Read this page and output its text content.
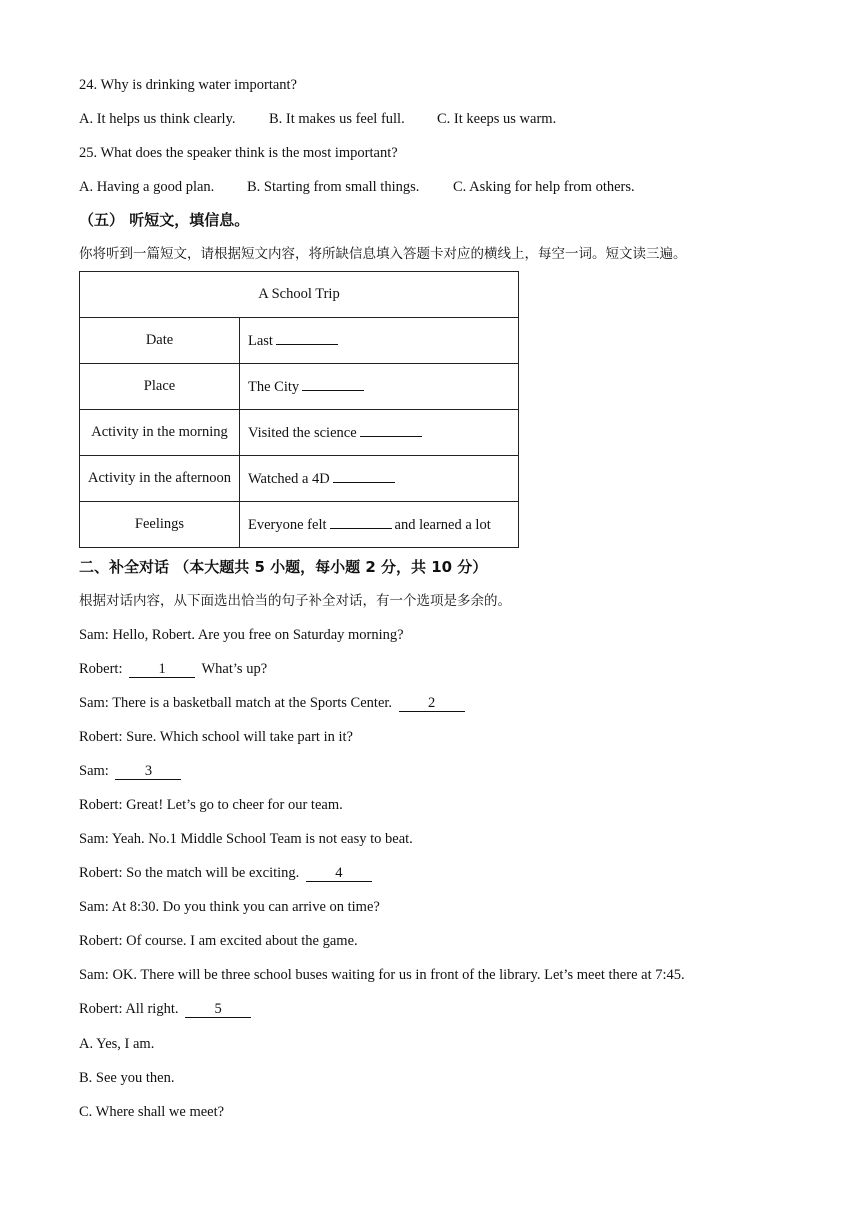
24. Why is drinking water important?
A. It helps us think clearly. B. It makes us feel full. C. It keeps us warm.
25. What does the speaker think is the most important?
A. Having a good plan. B. Starting from small things. C. Asking for help from others.
（五） 听短文，填信息。
你将听到一篇短文，请根据短文内容，将所缺信息填入答题卡对应的横线上，每空一词。短文读三遍。
A School Trip	
Date	Last
Place	The City
Activity in the morning	Visited the science
Activity in the afternoon	Watched a 4D
Feelings	Everyone felt and learned a lot
二、补全对话 （本大题共 5 小题，每小题 2 分，共 10 分）
根据对话内容，从下面选出恰当的句子补全对话，有一个选项是多余的。
Sam: Hello, Robert. Are you free on Saturday morning?
Robert: 1 What’s up?
Sam: There is a basketball match at the Sports Center. 2
Robert: Sure. Which school will take part in it?
Sam: 3
Robert: Great! Let’s go to cheer for our team.
Sam: Yeah. No.1 Middle School Team is not easy to beat.
Robert: So the match will be exciting. 4
Sam: At 8:30. Do you think you can arrive on time?
Robert: Of course. I am excited about the game.
Sam: OK. There will be three school buses waiting for us in front of the library. Let’s meet there at 7:45.
Robert: All right. 5
A. Yes, I am.
B. See you then.
C. Where shall we meet?
